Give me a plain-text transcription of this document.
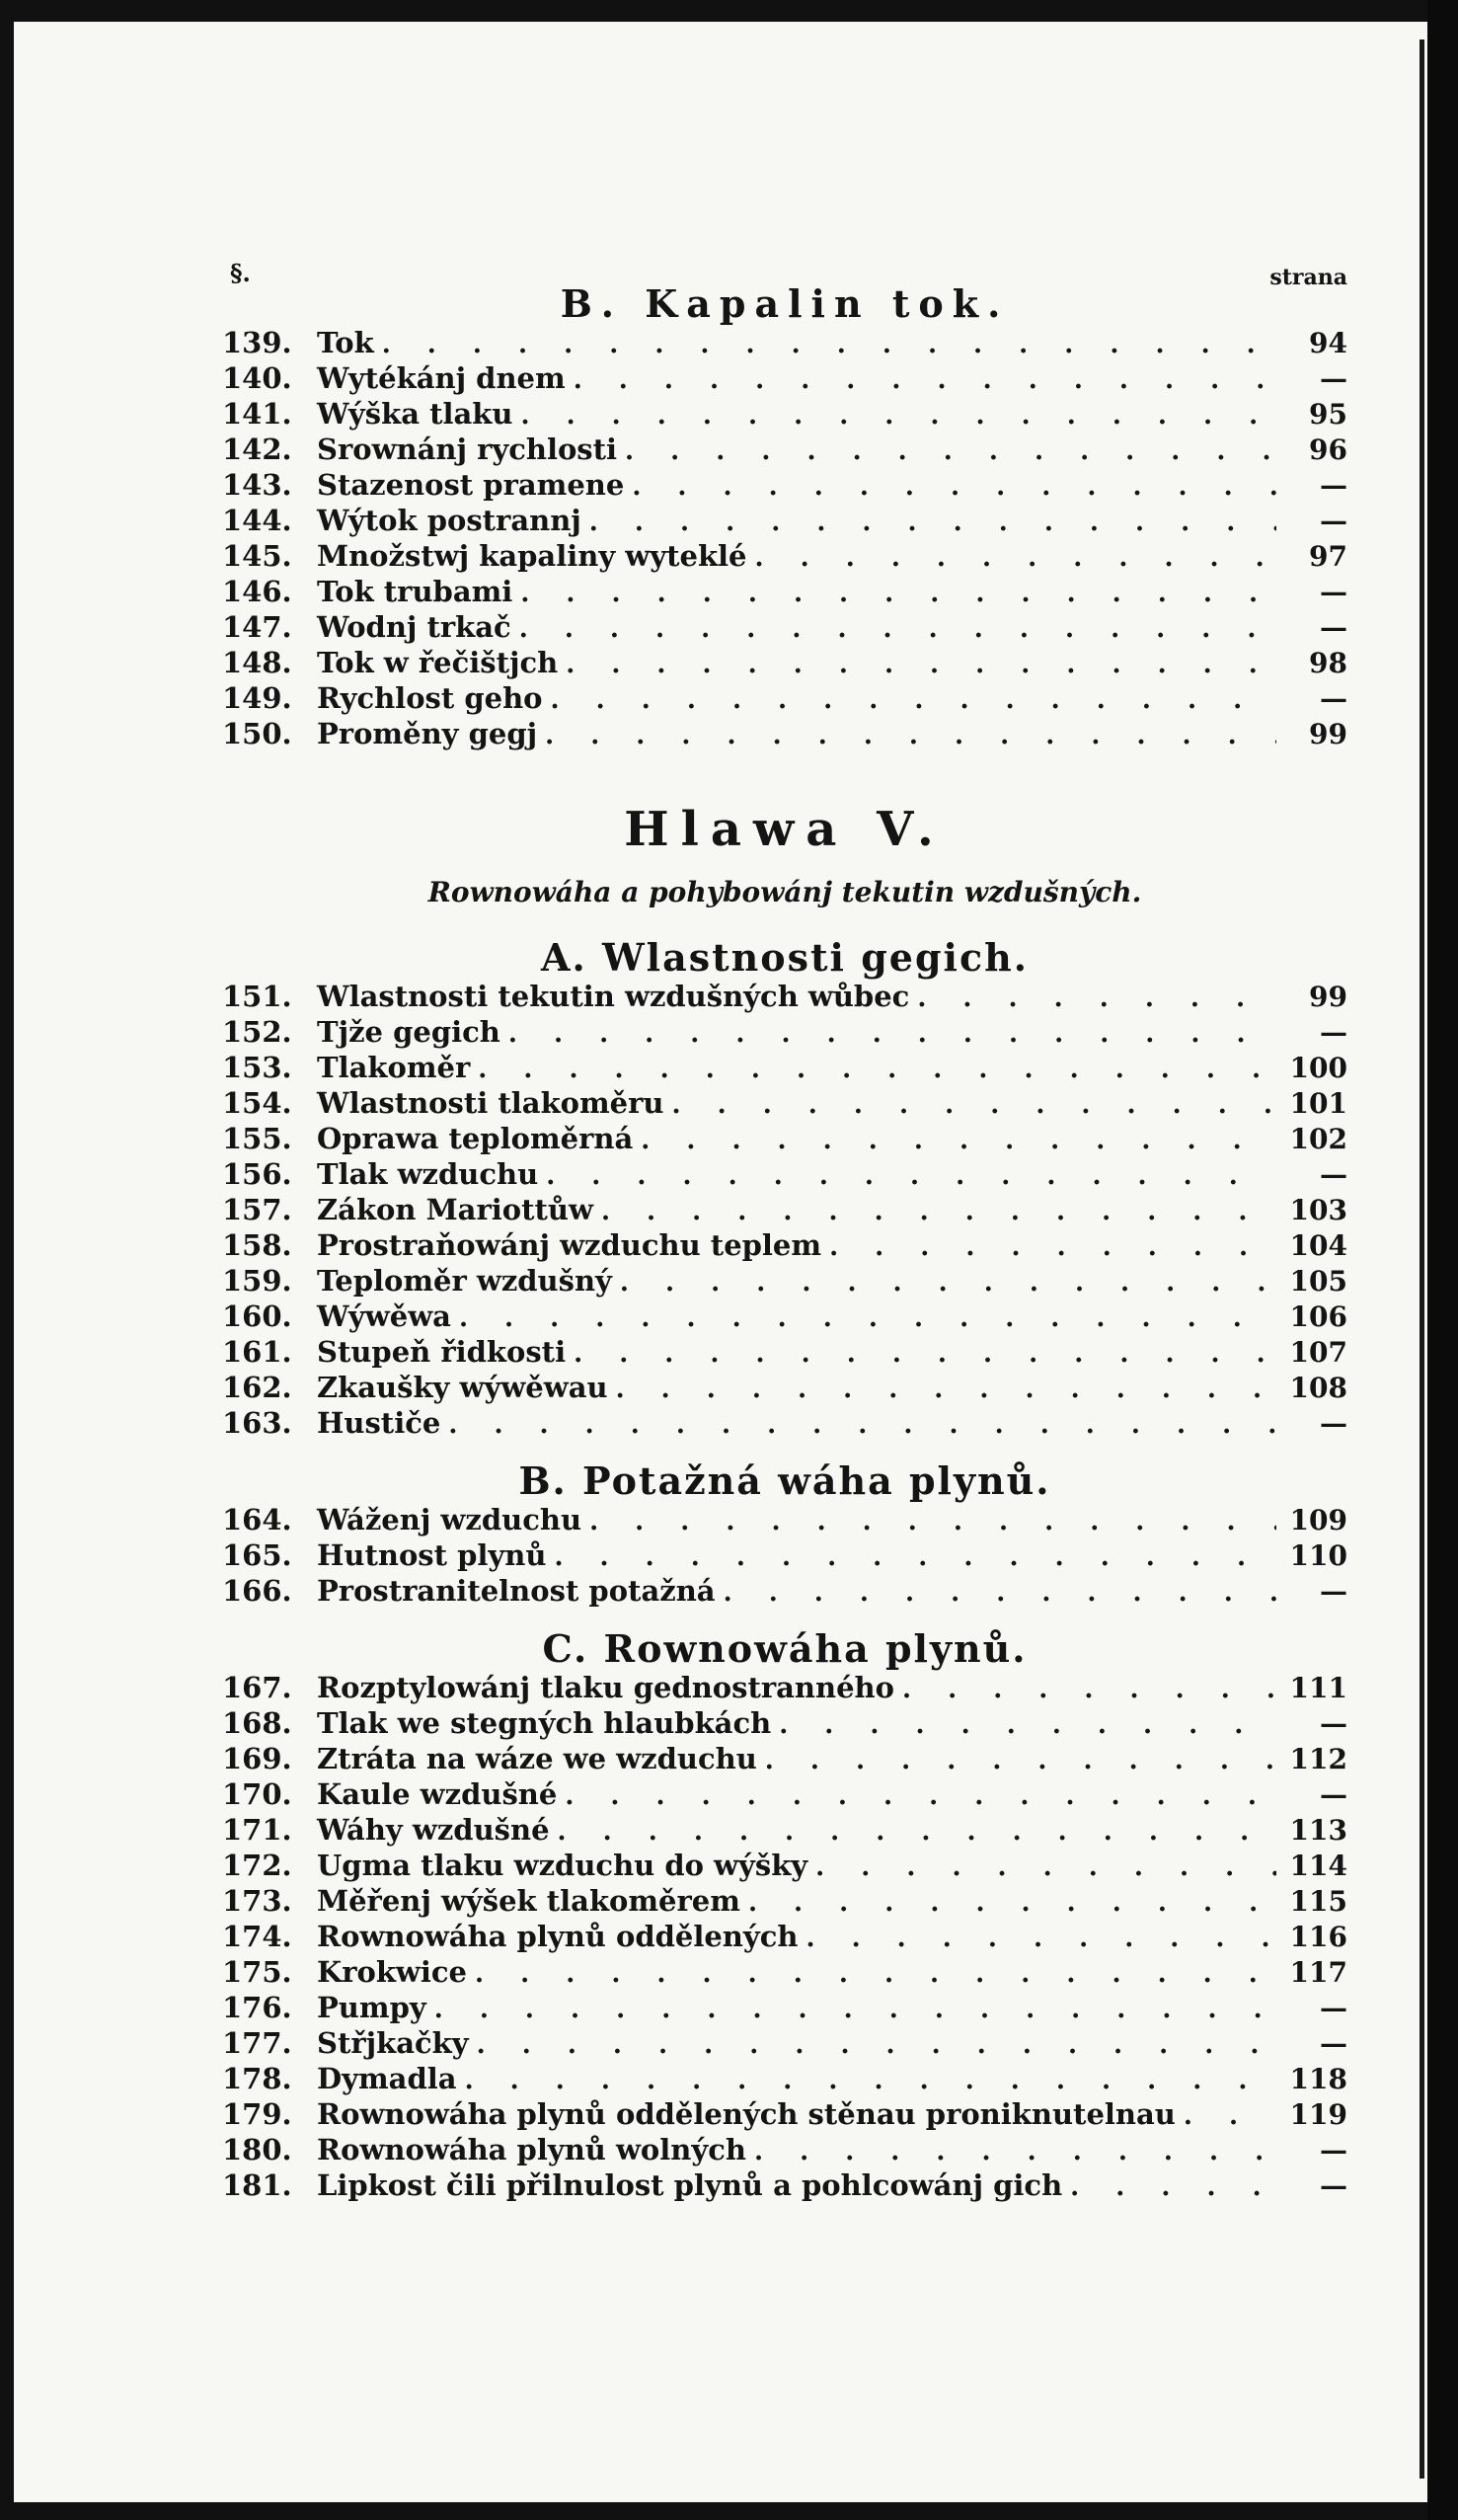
§.	strana
B. Kapalin tok.
139. Tok . . .	94
140. Wytékánj dnem . . .	—
141. Wýška tlaku . . .	95
142. Srownánj rychlosti . . .	96
143. Stazenost pramene . . .	—
144. Wýtok postrannj . . .	—
145. Množstwj kapaliny wyteklé . . .	97
146. Tok trubami . . .	—
147. Wodnj trkač . . .	—
148. Tok w řečištjch . . .	98
149. Rychlost geho . . .	—
150. Proměny gegj . . .	99
Hlawa V.
Rownowáha a pohybowánj tekutin wzdušných.
A. Wlastnosti gegich.
151. Wlastnosti tekutin wzdušných wůbec . . .	99
152. Tjže gegich . . .	—
153. Tlakoměr . . .	100
154. Wlastnosti tlakoměru . . .	101
155. Oprawa teploměrná . . .	102
156. Tlak wzduchu . . .	—
157. Zákon Mariottůw . . .	103
158. Prostraňowánj wzduchu teplem . . .	104
159. Teploměr wzdušný . . .	105
160. Wýwěwa . . .	106
161. Stupeň řidkosti . . .	107
162. Zkaušky wýwěwau . . .	108
163. Hustiče . . .	—
B. Potažná wáha plynů.
164. Wáženj wzduchu . . .	109
165. Hutnost plynů . . .	110
166. Prostranitelnost potažná . . .	—
C. Rownowáha plynů.
167. Rozptylowánj tlaku gednostranného . . .	111
168. Tlak we stegných hlaubkách . . .	—
169. Ztráta na wáze we wzduchu . . .	112
170. Kaule wzdušné . . .	—
171. Wáhy wzdušné . . .	113
172. Ugma tlaku wzduchu do wýšky . . .	114
173. Měřenj wýšek tlakoměrem . . .	115
174. Rownowáha plynů oddělených . . .	116
175. Krokwice . . .	117
176. Pumpy . . .	—
177. Střjkačky . . .	—
178. Dymadla . . .	118
179. Rownowáha plynů oddělených stěnau proniknutelnau . . .	119
180. Rownowáha plynů wolných . . .	—
181. Lipkost čili přilnulost plynů a pohlcowánj gich . . .	—
